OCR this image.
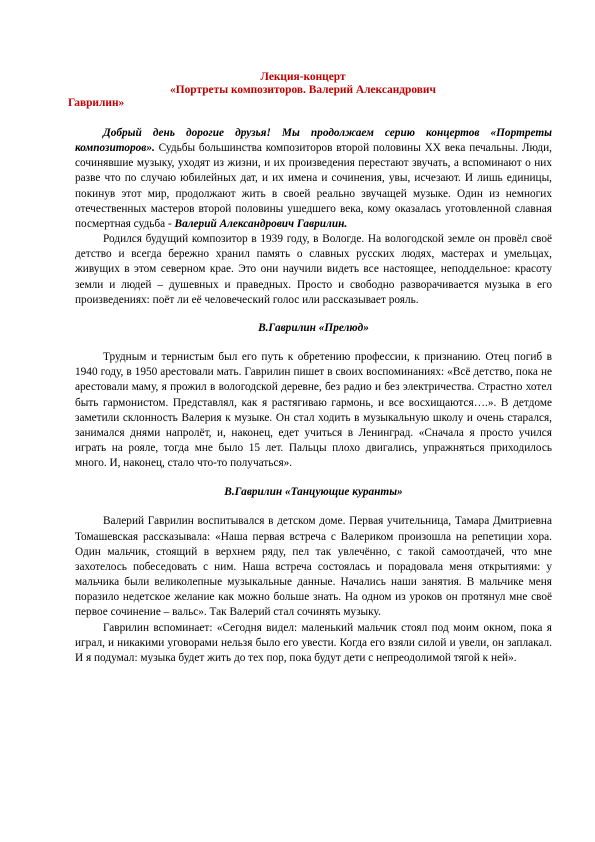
Лекция-концерт
«Портреты композиторов. Валерий Александрович
Гаврилин»

Добрый день дорогие друзья! Мы продолжаем серию концертов «Портреты композиторов». Судьбы большинства композиторов второй половины ХХ века печальны. Люди, сочинявшие музыку, уходят из жизни, и их произведения перестают звучать, а вспоминают о них разве что по случаю юбилейных дат, и их имена и сочинения, увы, исчезают. И лишь единицы, покинув этот мир, продолжают жить в своей реально звучащей музыке. Один из немногих отечественных мастеров второй половины ушедшего века, кому оказалась уготовленной славная посмертная судьба - Валерий Александрович Гаврилин.

Родился будущий композитор в 1939 году, в Вологде. На вологодской земле он провёл своё детство и всегда бережно хранил память о славных русских людях, мастерах и умельцах, живущих в этом северном крае. Это они научили видеть все настоящее, неподдельное: красоту земли и людей – душевных и праведных. Просто и свободно разворачивается музыка в его произведениях: поёт ли её человеческий голос или рассказывает рояль.

В.Гаврилин «Прелюд»

Трудным и тернистым был его путь к обретению профессии, к признанию. Отец погиб в 1940 году, в 1950 арестовали мать. Гаврилин пишет в своих воспоминаниях: «Всё детство, пока не арестовали маму, я прожил в вологодской деревне, без радио и без электричества. Страстно хотел быть гармонистом. Представлял, как я растягиваю гармонь, и все восхищаются….». В детдоме заметили склонность Валерия к музыке. Он стал ходить в музыкальную школу и очень старался, занимался днями напролёт, и, наконец, едет учиться в Ленинград. «Сначала я просто учился играть на рояле, тогда мне было 15 лет. Пальцы плохо двигались, упражняться приходилось много. И, наконец, стало что-то получаться».

В.Гаврилин «Танцующие куранты»

Валерий Гаврилин воспитывался в детском доме. Первая учительница, Тамара Дмитриевна Томашевская рассказывала: «Наша первая встреча с Валериком произошла на репетиции хора. Один мальчик, стоящий в верхнем ряду, пел так увлечённо, с такой самоотдачей, что мне захотелось побеседовать с ним. Наша встреча состоялась и порадовала меня открытиями: у мальчика были великолепные музыкальные данные. Начались наши занятия. В мальчике меня поразило недетское желание как можно больше знать. На одном из уроков он протянул мне своё первое сочинение – вальс». Так Валерий стал сочинять музыку.

Гаврилин вспоминает: «Сегодня видел: маленький мальчик стоял под моим окном, пока я играл, и никакими уговорами нельзя было его увести. Когда его взяли силой и увели, он заплакал. И я подумал: музыка будет жить до тех пор, пока будут дети с непреодолимой тягой к ней».
